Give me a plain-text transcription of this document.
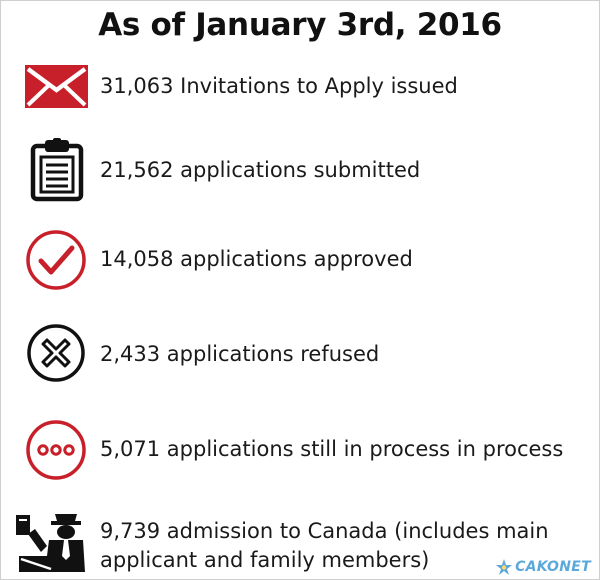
As of January 3rd, 2016
31,063 Invitations to Apply issued
21,562 applications submitted
14,058 applications approved
2,433 applications refused
5,071 applications still in process in process
9,739 admission to Canada (includes main applicant and family members)	CAKONET
